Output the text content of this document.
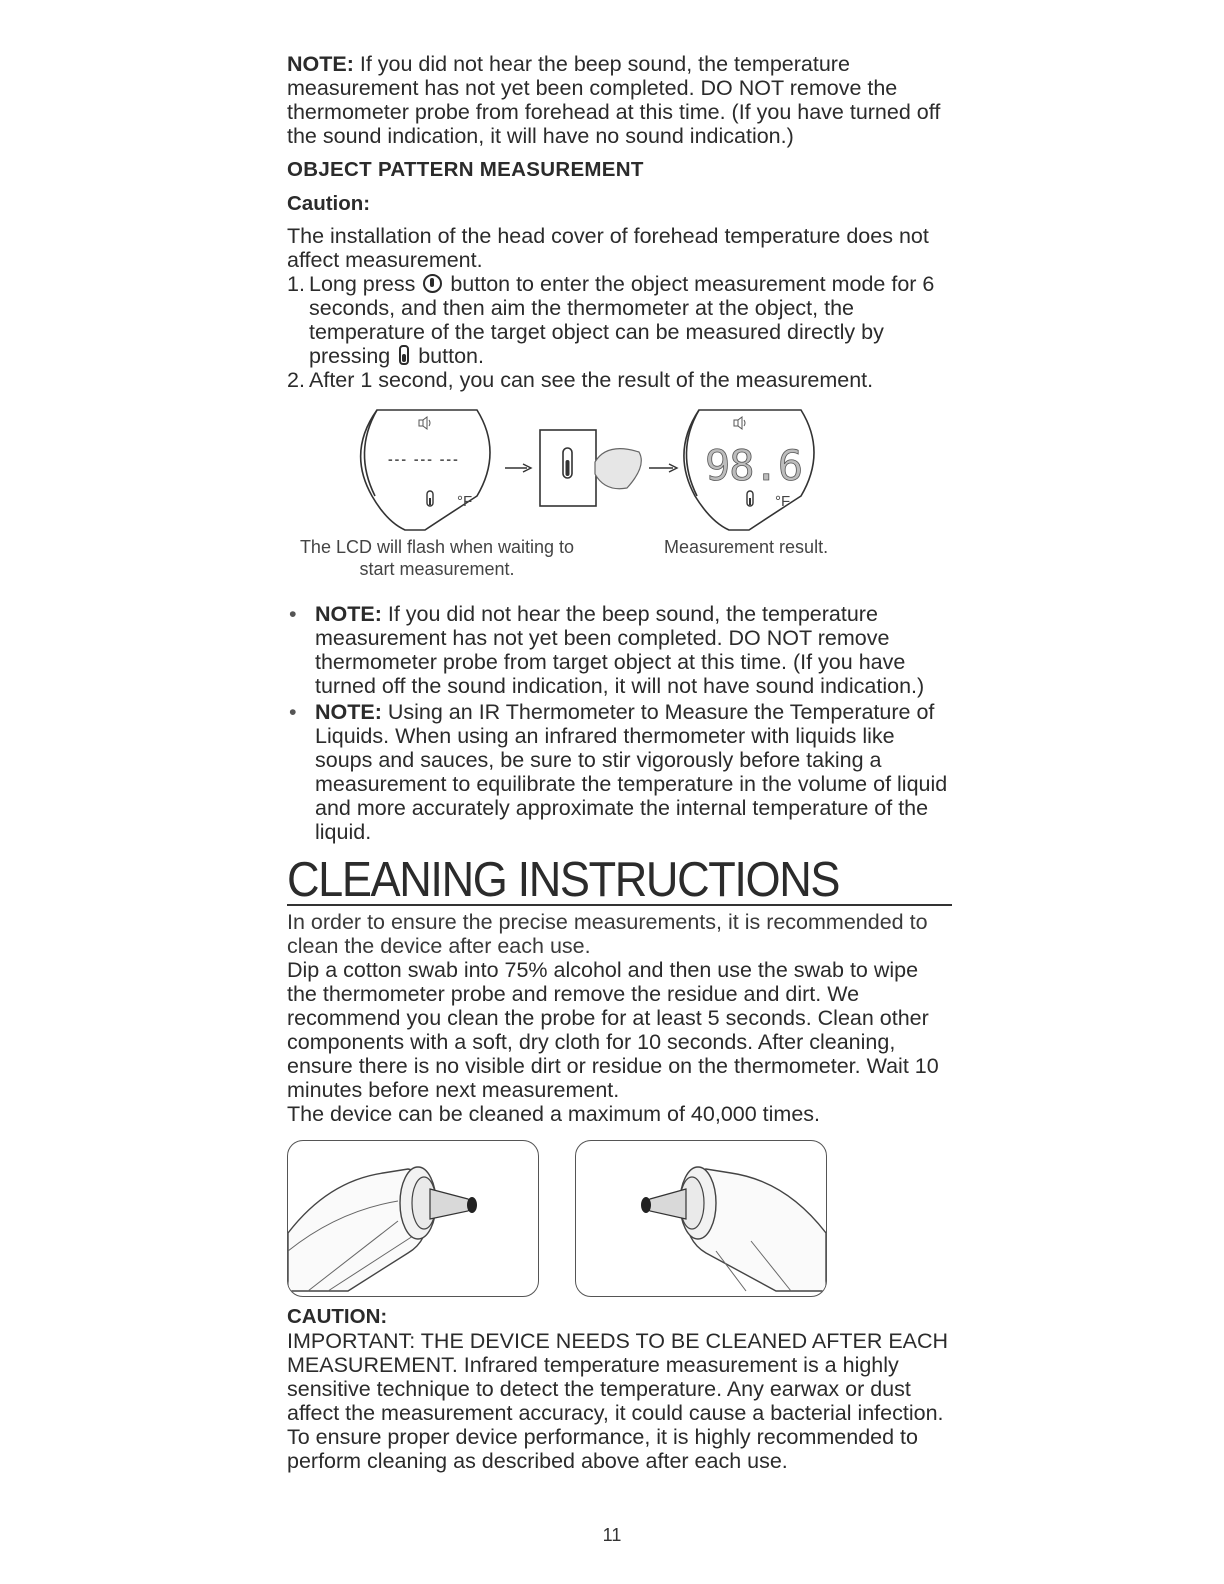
NOTE: If you did not hear the beep sound, the temperature measurement has not yet been completed. DO NOT remove the thermometer probe from forehead at this time. (If you have turned off the sound indication, it will have no sound indication.)

OBJECT PATTERN MEASUREMENT

Caution:

The installation of the head cover of forehead temperature does not affect measurement.

1. Long press  button to enter the object measurement mode for 6 seconds, and then aim the thermometer at the object, the temperature of the target object can be measured directly by pressing  button.
2. After 1 second, you can see the result of the measurement.
--- --- ---
°F
98.6
°F
The LCD will flash when waiting to start measurement.
Measurement result.
• NOTE: If you did not hear the beep sound, the temperature measurement has not yet been completed. DO NOT remove thermometer probe from target object at this time. (If you have turned off the sound indication, it will not have sound indication.)
• NOTE: Using an IR Thermometer to Measure the Temperature of Liquids. When using an infrared thermometer with liquids like soups and sauces, be sure to stir vigorously before taking a measurement to equilibrate the temperature in the volume of liquid and more accurately approximate the internal temperature of the liquid.
CLEANING INSTRUCTIONS

In order to ensure the precise measurements, it is recommended to clean the device after each use.

Dip a cotton swab into 75% alcohol and then use the swab to wipe the thermometer probe and remove the residue and dirt. We recommend you clean the probe for at least 5 seconds. Clean other components with a soft, dry cloth for 10 seconds. After cleaning, ensure there is no visible dirt or residue on the thermometer. Wait 10 minutes before next measurement.

The device can be cleaned a maximum of 40,000 times.

CAUTION:

IMPORTANT: THE DEVICE NEEDS TO BE CLEANED AFTER EACH MEASUREMENT. Infrared temperature measurement is a highly sensitive technique to detect the temperature. Any earwax or dust affect the measurement accuracy, it could cause a bacterial infection. To ensure proper device performance, it is highly recommended to perform cleaning as described above after each use.

11
